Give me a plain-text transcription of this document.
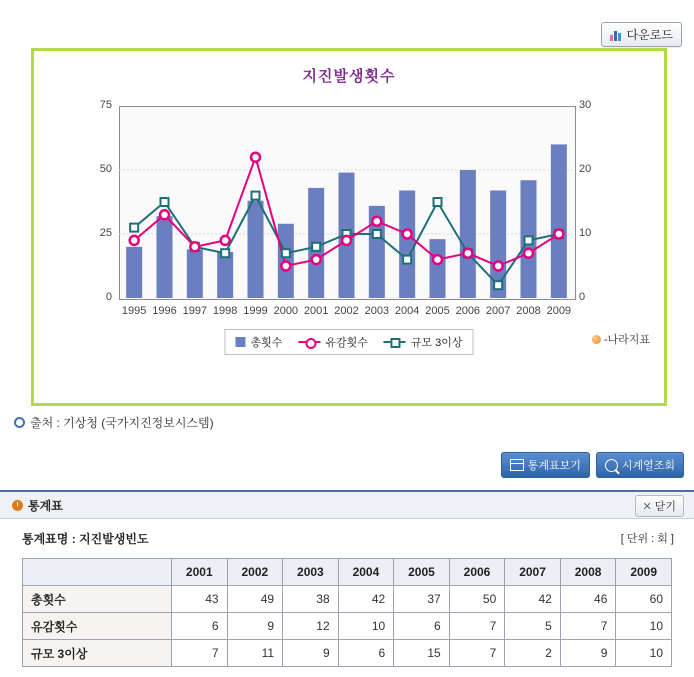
다운로드
지진발생횟수
0
25
50
75
0
10
20
30
1995 1996 1997 1998 1999 2000 2001 2002 2003 2004 2005 2006 2007 2008 2009
총횟수	유감횟수	규모 3이상	-나라지표
출처 : 기상청 (국가지진정보시스템)
통계표보기	시계열조회
통계표	✕ 닫기
통계표명 : 지진발생빈도	[ 단위 : 회 ]
	2001	2002	2003	2004	2005	2006	2007	2008	2009
총횟수	43	49	38	42	37	50	42	46	60
유감횟수	6	9	12	10	6	7	5	7	10
규모 3이상	7	11	9	6	15	7	2	9	10
